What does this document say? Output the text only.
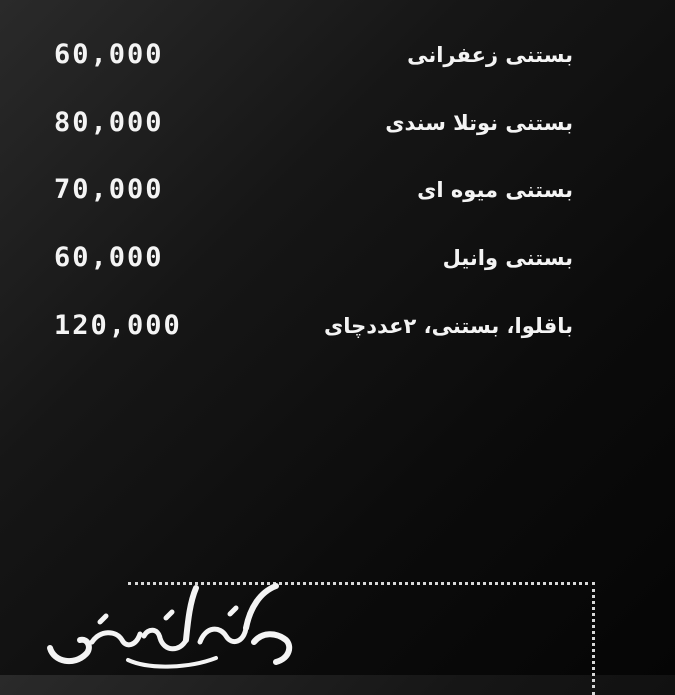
بستنی زعفرانی
60,000
بستنی نوتلا سندی
80,000
بستنی میوه ای
70,000
بستنی وانیل
60,000
باقلوا، بستنی، ۲عددچای
120,000
